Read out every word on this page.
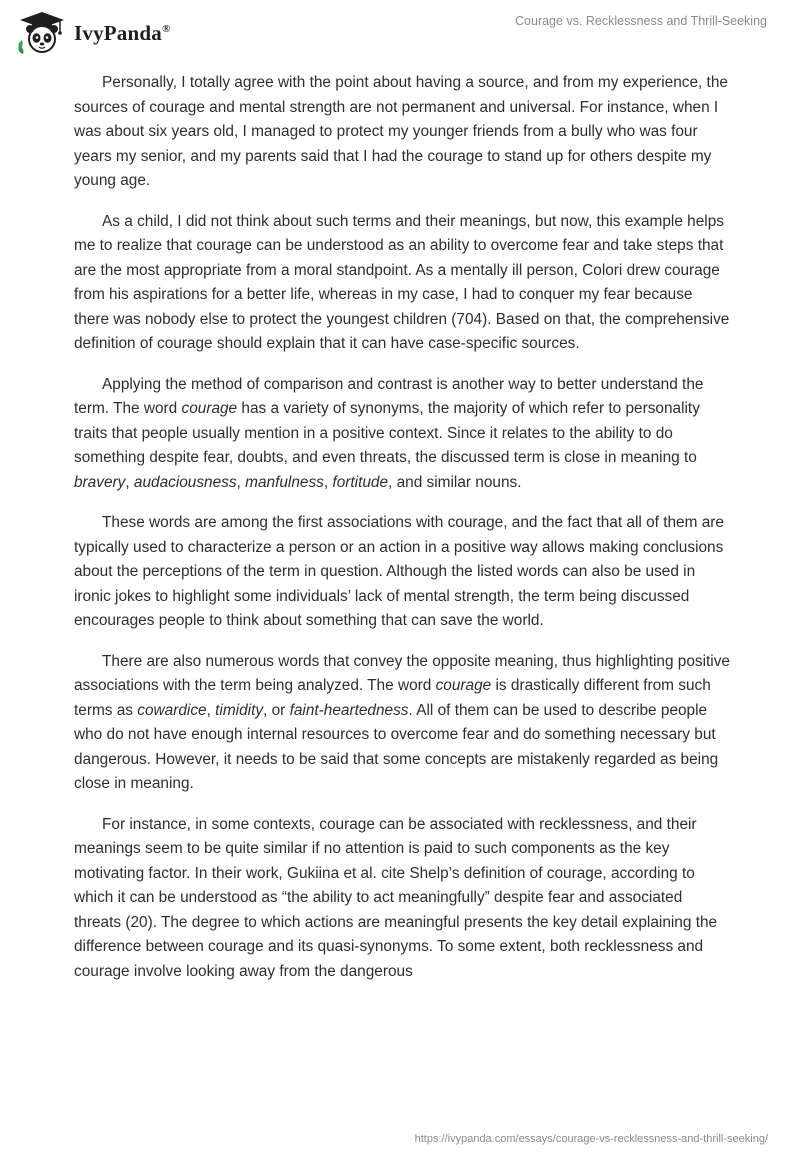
IvyPanda®
Courage vs. Recklessness and Thrill-Seeking

Personally, I totally agree with the point about having a source, and from my experience, the sources of courage and mental strength are not permanent and universal. For instance, when I was about six years old, I managed to protect my younger friends from a bully who was four years my senior, and my parents said that I had the courage to stand up for others despite my young age.

As a child, I did not think about such terms and their meanings, but now, this example helps me to realize that courage can be understood as an ability to overcome fear and take steps that are the most appropriate from a moral standpoint. As a mentally ill person, Colori drew courage from his aspirations for a better life, whereas in my case, I had to conquer my fear because there was nobody else to protect the youngest children (704). Based on that, the comprehensive definition of courage should explain that it can have case-specific sources.

Applying the method of comparison and contrast is another way to better understand the term. The word courage has a variety of synonyms, the majority of which refer to personality traits that people usually mention in a positive context. Since it relates to the ability to do something despite fear, doubts, and even threats, the discussed term is close in meaning to bravery, audaciousness, manfulness, fortitude, and similar nouns.

These words are among the first associations with courage, and the fact that all of them are typically used to characterize a person or an action in a positive way allows making conclusions about the perceptions of the term in question. Although the listed words can also be used in ironic jokes to highlight some individuals’ lack of mental strength, the term being discussed encourages people to think about something that can save the world.

There are also numerous words that convey the opposite meaning, thus highlighting positive associations with the term being analyzed. The word courage is drastically different from such terms as cowardice, timidity, or faint-heartedness. All of them can be used to describe people who do not have enough internal resources to overcome fear and do something necessary but dangerous. However, it needs to be said that some concepts are mistakenly regarded as being close in meaning.

For instance, in some contexts, courage can be associated with recklessness, and their meanings seem to be quite similar if no attention is paid to such components as the key motivating factor. In their work, Gukiina et al. cite Shelp’s definition of courage, according to which it can be understood as “the ability to act meaningfully” despite fear and associated threats (20). The degree to which actions are meaningful presents the key detail explaining the difference between courage and its quasi-synonyms. To some extent, both recklessness and courage involve looking away from the dangerous

https://ivypanda.com/essays/courage-vs-recklessness-and-thrill-seeking/
